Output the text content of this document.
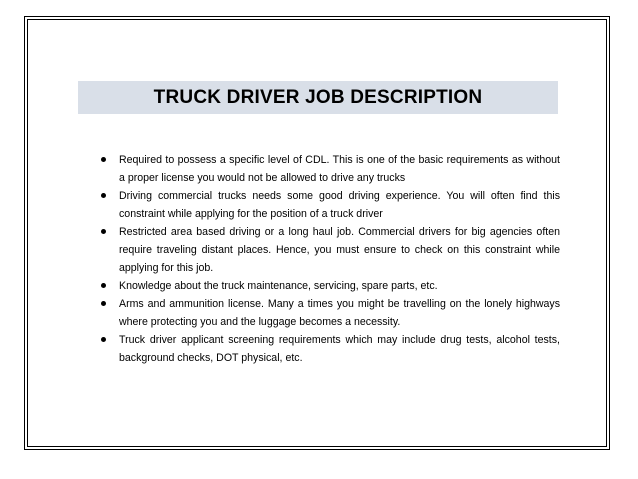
TRUCK DRIVER JOB DESCRIPTION
Required to possess a specific level of CDL. This is one of the basic requirements as without a proper license you would not be allowed to drive any trucks
Driving commercial trucks needs some good driving experience. You will often find this constraint while applying for the position of a truck driver
Restricted area based driving or a long haul job. Commercial drivers for big agencies often require traveling distant places. Hence, you must ensure to check on this constraint while applying for this job.
Knowledge about the truck maintenance, servicing, spare parts, etc.
Arms and ammunition license. Many a times you might be travelling on the lonely highways where protecting you and the luggage becomes a necessity.
Truck driver applicant screening requirements which may include drug tests, alcohol tests, background checks, DOT physical, etc.
